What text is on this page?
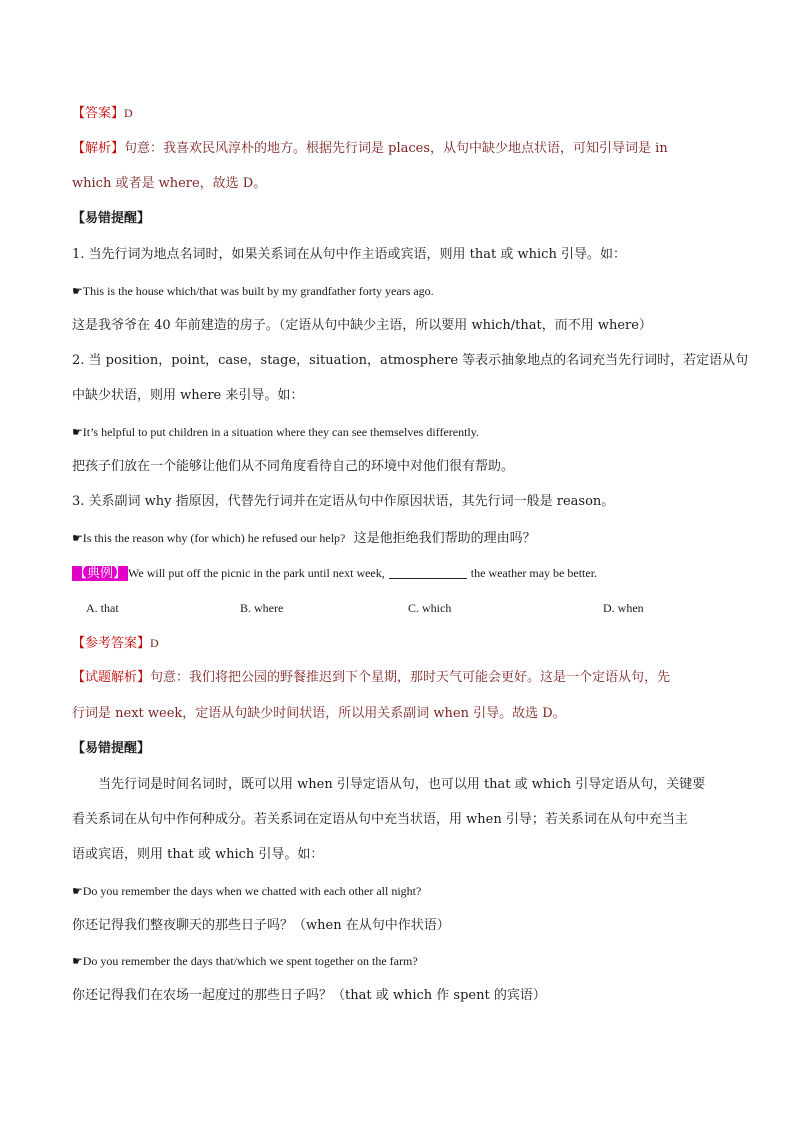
【答案】D
【解析】句意：我喜欢民风淳朴的地方。根据先行词是 places，从句中缺少地点状语，可知引导词是 in
which 或者是 where，故选 D。
【易错提醒】
1. 当先行词为地点名词时，如果关系词在从句中作主语或宾语，则用 that 或 which 引导。如：
☛This is the house which/that was built by my grandfather forty years ago.
这是我爷爷在 40 年前建造的房子。（定语从句中缺少主语，所以要用 which/that，而不用 where）
2. 当 position，point，case，stage，situation，atmosphere 等表示抽象地点的名词充当先行词时，若定语从句
中缺少状语，则用 where 来引导。如：
☛It’s helpful to put children in a situation where they can see themselves differently.
把孩子们放在一个能够让他们从不同角度看待自己的环境中对他们很有帮助。
3. 关系副词 why 指原因，代替先行词并在定语从句中作原因状语，其先行词一般是 reason。
☛Is this the reason why (for which) he refused our help? 这是他拒绝我们帮助的理由吗？
【典例】 We will put off the picnic in the park until next week,	the weather may be better.
A. that	B. where	C. which	D. when
【参考答案】D
【试题解析】句意：我们将把公园的野餐推迟到下个星期，那时天气可能会更好。这是一个定语从句，先
行词是 next week，定语从句缺少时间状语，所以用关系副词 when 引导。故选 D。
【易错提醒】
当先行词是时间名词时，既可以用 when 引导定语从句，也可以用 that 或 which 引导定语从句，关键要
看关系词在从句中作何种成分。若关系词在定语从句中充当状语，用 when 引导；若关系词在从句中充当主
语或宾语，则用 that 或 which 引导。如：
☛Do you remember the days when we chatted with each other all night?
你还记得我们整夜聊天的那些日子吗？（when 在从句中作状语）
☛Do you remember the days that/which we spent together on the farm?
你还记得我们在农场一起度过的那些日子吗？（that 或 which 作 spent 的宾语）
